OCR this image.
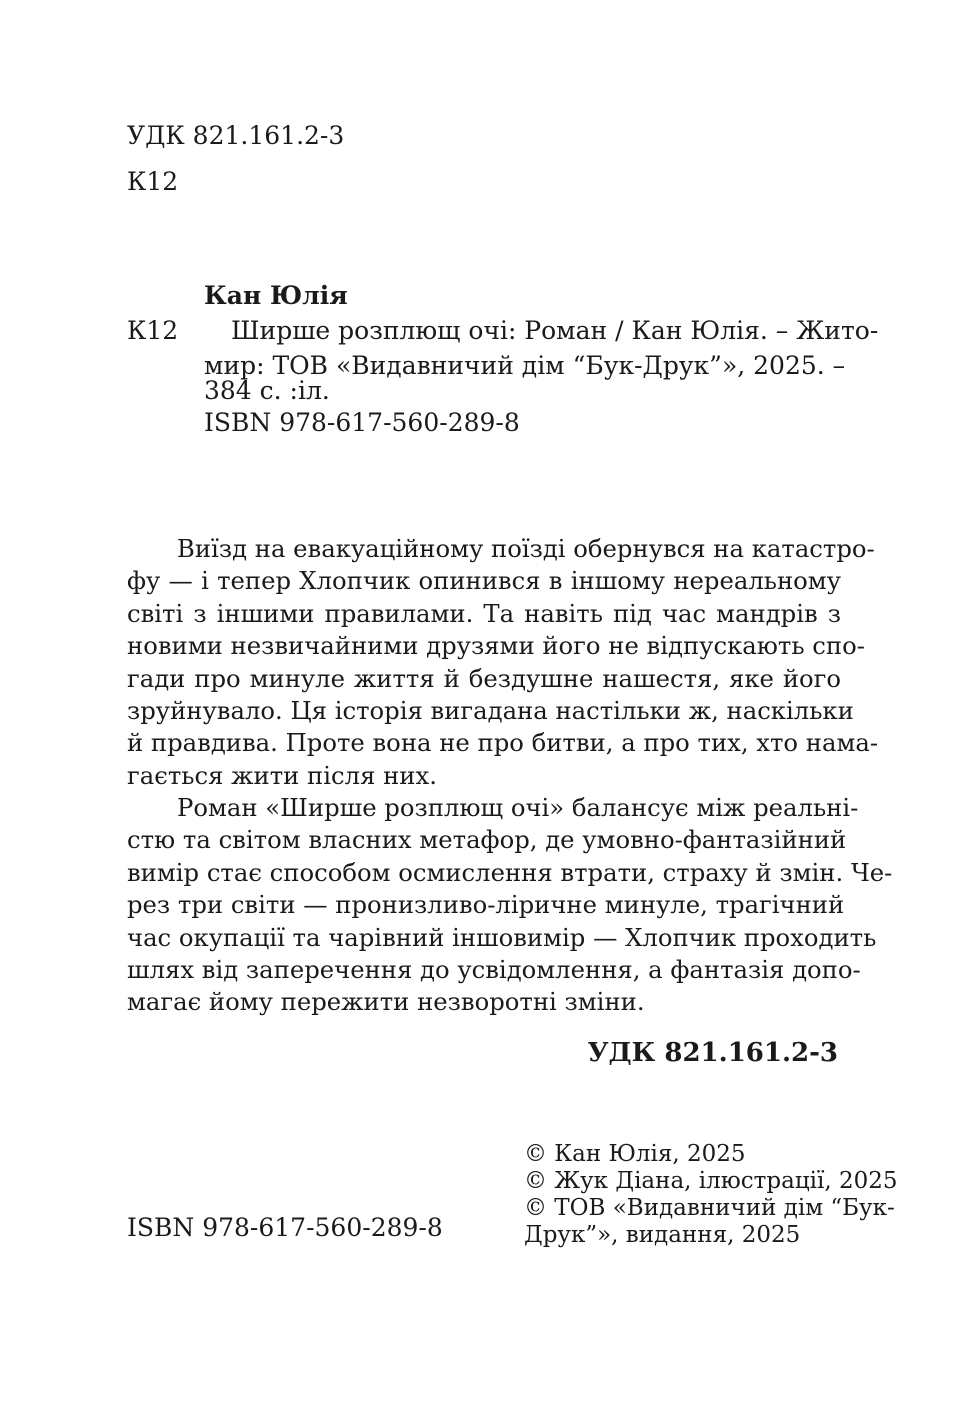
УДК 821.161.2-3
К12
Кан Юлія
К12 Ширше розплющ очі: Роман / Кан Юлія. – Жито-
мир: ТОВ «Видавничий дім “Бук-Друк”», 2025. –
384 с. :іл.
ISBN 978-617-560-289-8
Виїзд на евакуаційному поїзді обернувся на катастро-
фу — і тепер Хлопчик опинився в іншому нереальному
світі з іншими правилами. Та навіть під час мандрів з
новими незвичайними друзями його не відпускають спо-
гади про минуле життя й бездушне нашестя, яке його
зруйнувало. Ця історія вигадана настільки ж, наскільки
й правдива. Проте вона не про битви, а про тих, хто нама-
гається жити після них.
Роман «Ширше розплющ очі» балансує між реальні-
стю та світом власних метафор, де умовно-фантазійний
вимір стає способом осмислення втрати, страху й змін. Че-
рез три світи — пронизливо-ліричне минуле, трагічний
час окупації та чарівний іншовимір — Хлопчик проходить
шлях від заперечення до усвідомлення, а фантазія допо-
магає йому пережити незворотні зміни.
УДК 821.161.2-3
ISBN 978-617-560-289-8
© Кан Юлія, 2025
© Жук Діана, ілюстрації, 2025
© ТОВ «Видавничий дім “Бук-
Друк”», видання, 2025
